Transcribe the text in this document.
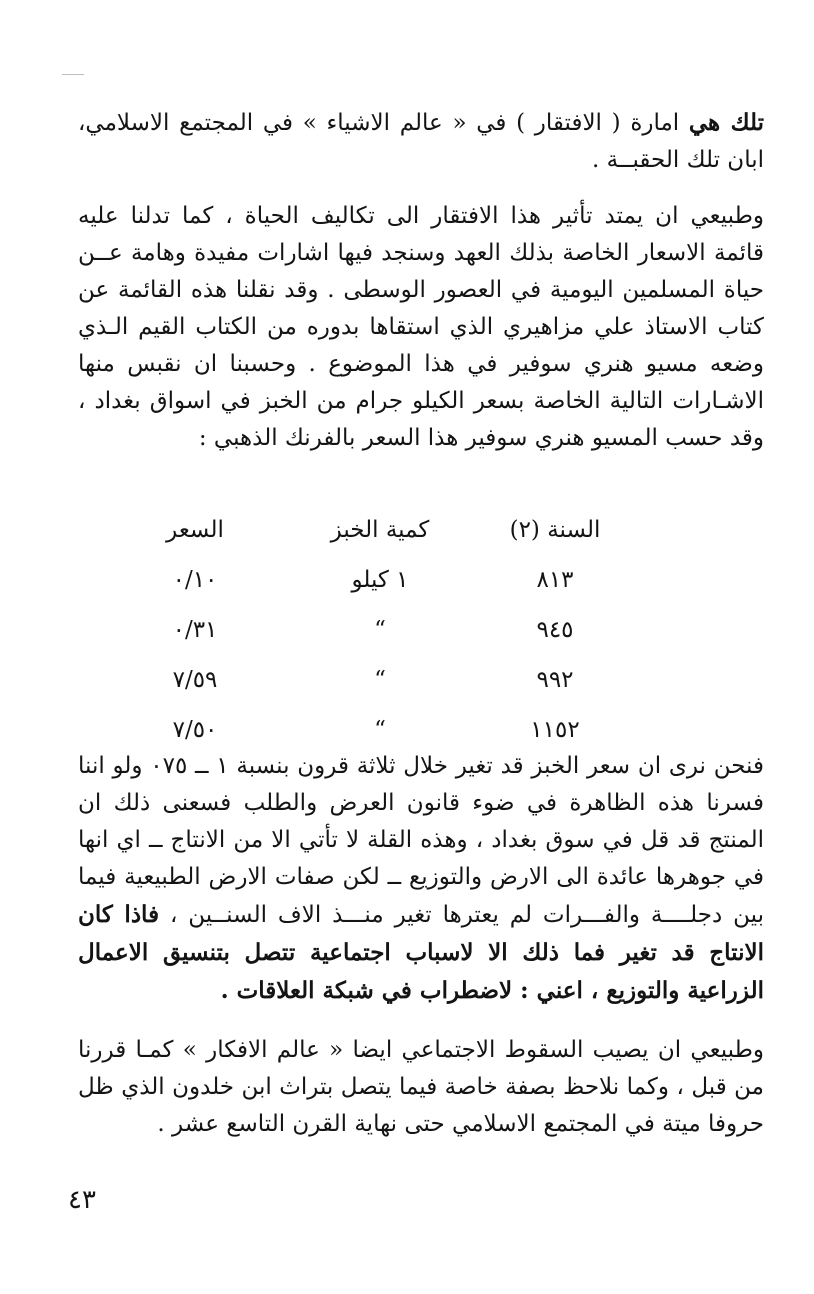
تلك هي امارة ( الافتقار ) في « عالم الاشياء » في المجتمع الاسلامي، ابان تلك الحقبــة .

وطبيعي ان يمتد تأثير هذا الافتقار الى تكاليف الحياة ، كما تدلنا عليه قائمة الاسعار الخاصة بذلك العهد وسنجد فيها اشارات مفيدة وهامة عــن حياة المسلمين اليومية في العصور الوسطى . وقد نقلنا هذه القائمة عن كتاب الاستاذ علي مزاهيري الذي استقاها بدوره من الكتاب القيم الـذي وضعه مسيو هنري سوفير في هذا الموضوع . وحسبنا ان نقبس منها الاشـارات التالية الخاصة بسعر الكيلو جرام من الخبز في اسواق بغداد ، وقد حسب المسيو هنري سوفير هذا السعر بالفرنك الذهبي :

السعر	كمية الخبز	السنة (٢)
٠/١٠	١ كيلو	٨١٣
٠/٣١	“	٩٤٥
٧/٥٩	“	٩٩٢
٧/٥٠	“	١١٥٢

فنحن نرى ان سعر الخبز قد تغير خلال ثلاثة قرون بنسبة ١ ــ ٠٧٥ ولو اننا فسرنا هذه الظاهرة في ضوء قانون العرض والطلب فسعنى ذلك ان المنتج قد قل في سوق بغداد ، وهذه القلة لا تأتي الا من الانتاج ــ اي انها في جوهرها عائدة الى الارض والتوزيع ــ لكن صفات الارض الطبيعية فيما بين دجلــــة والفـــرات لم يعترها تغير منـــذ الاف السنــين ، فاذا كان الانتاج قد تغير فما ذلك الا لاسباب اجتماعية تتصل بتنسيق الاعمال الزراعية والتوزيع ، اعني : لاضطراب في شبكة العلاقات .

وطبيعي ان يصيب السقوط الاجتماعي ايضا « عالم الافكار » كمـا قررنا من قبل ، وكما نلاحظ بصفة خاصة فيما يتصل بتراث ابن خلدون الذي ظل حروفا ميتة في المجتمع الاسلامي حتى نهاية القرن التاسع عشر .

٤٣
